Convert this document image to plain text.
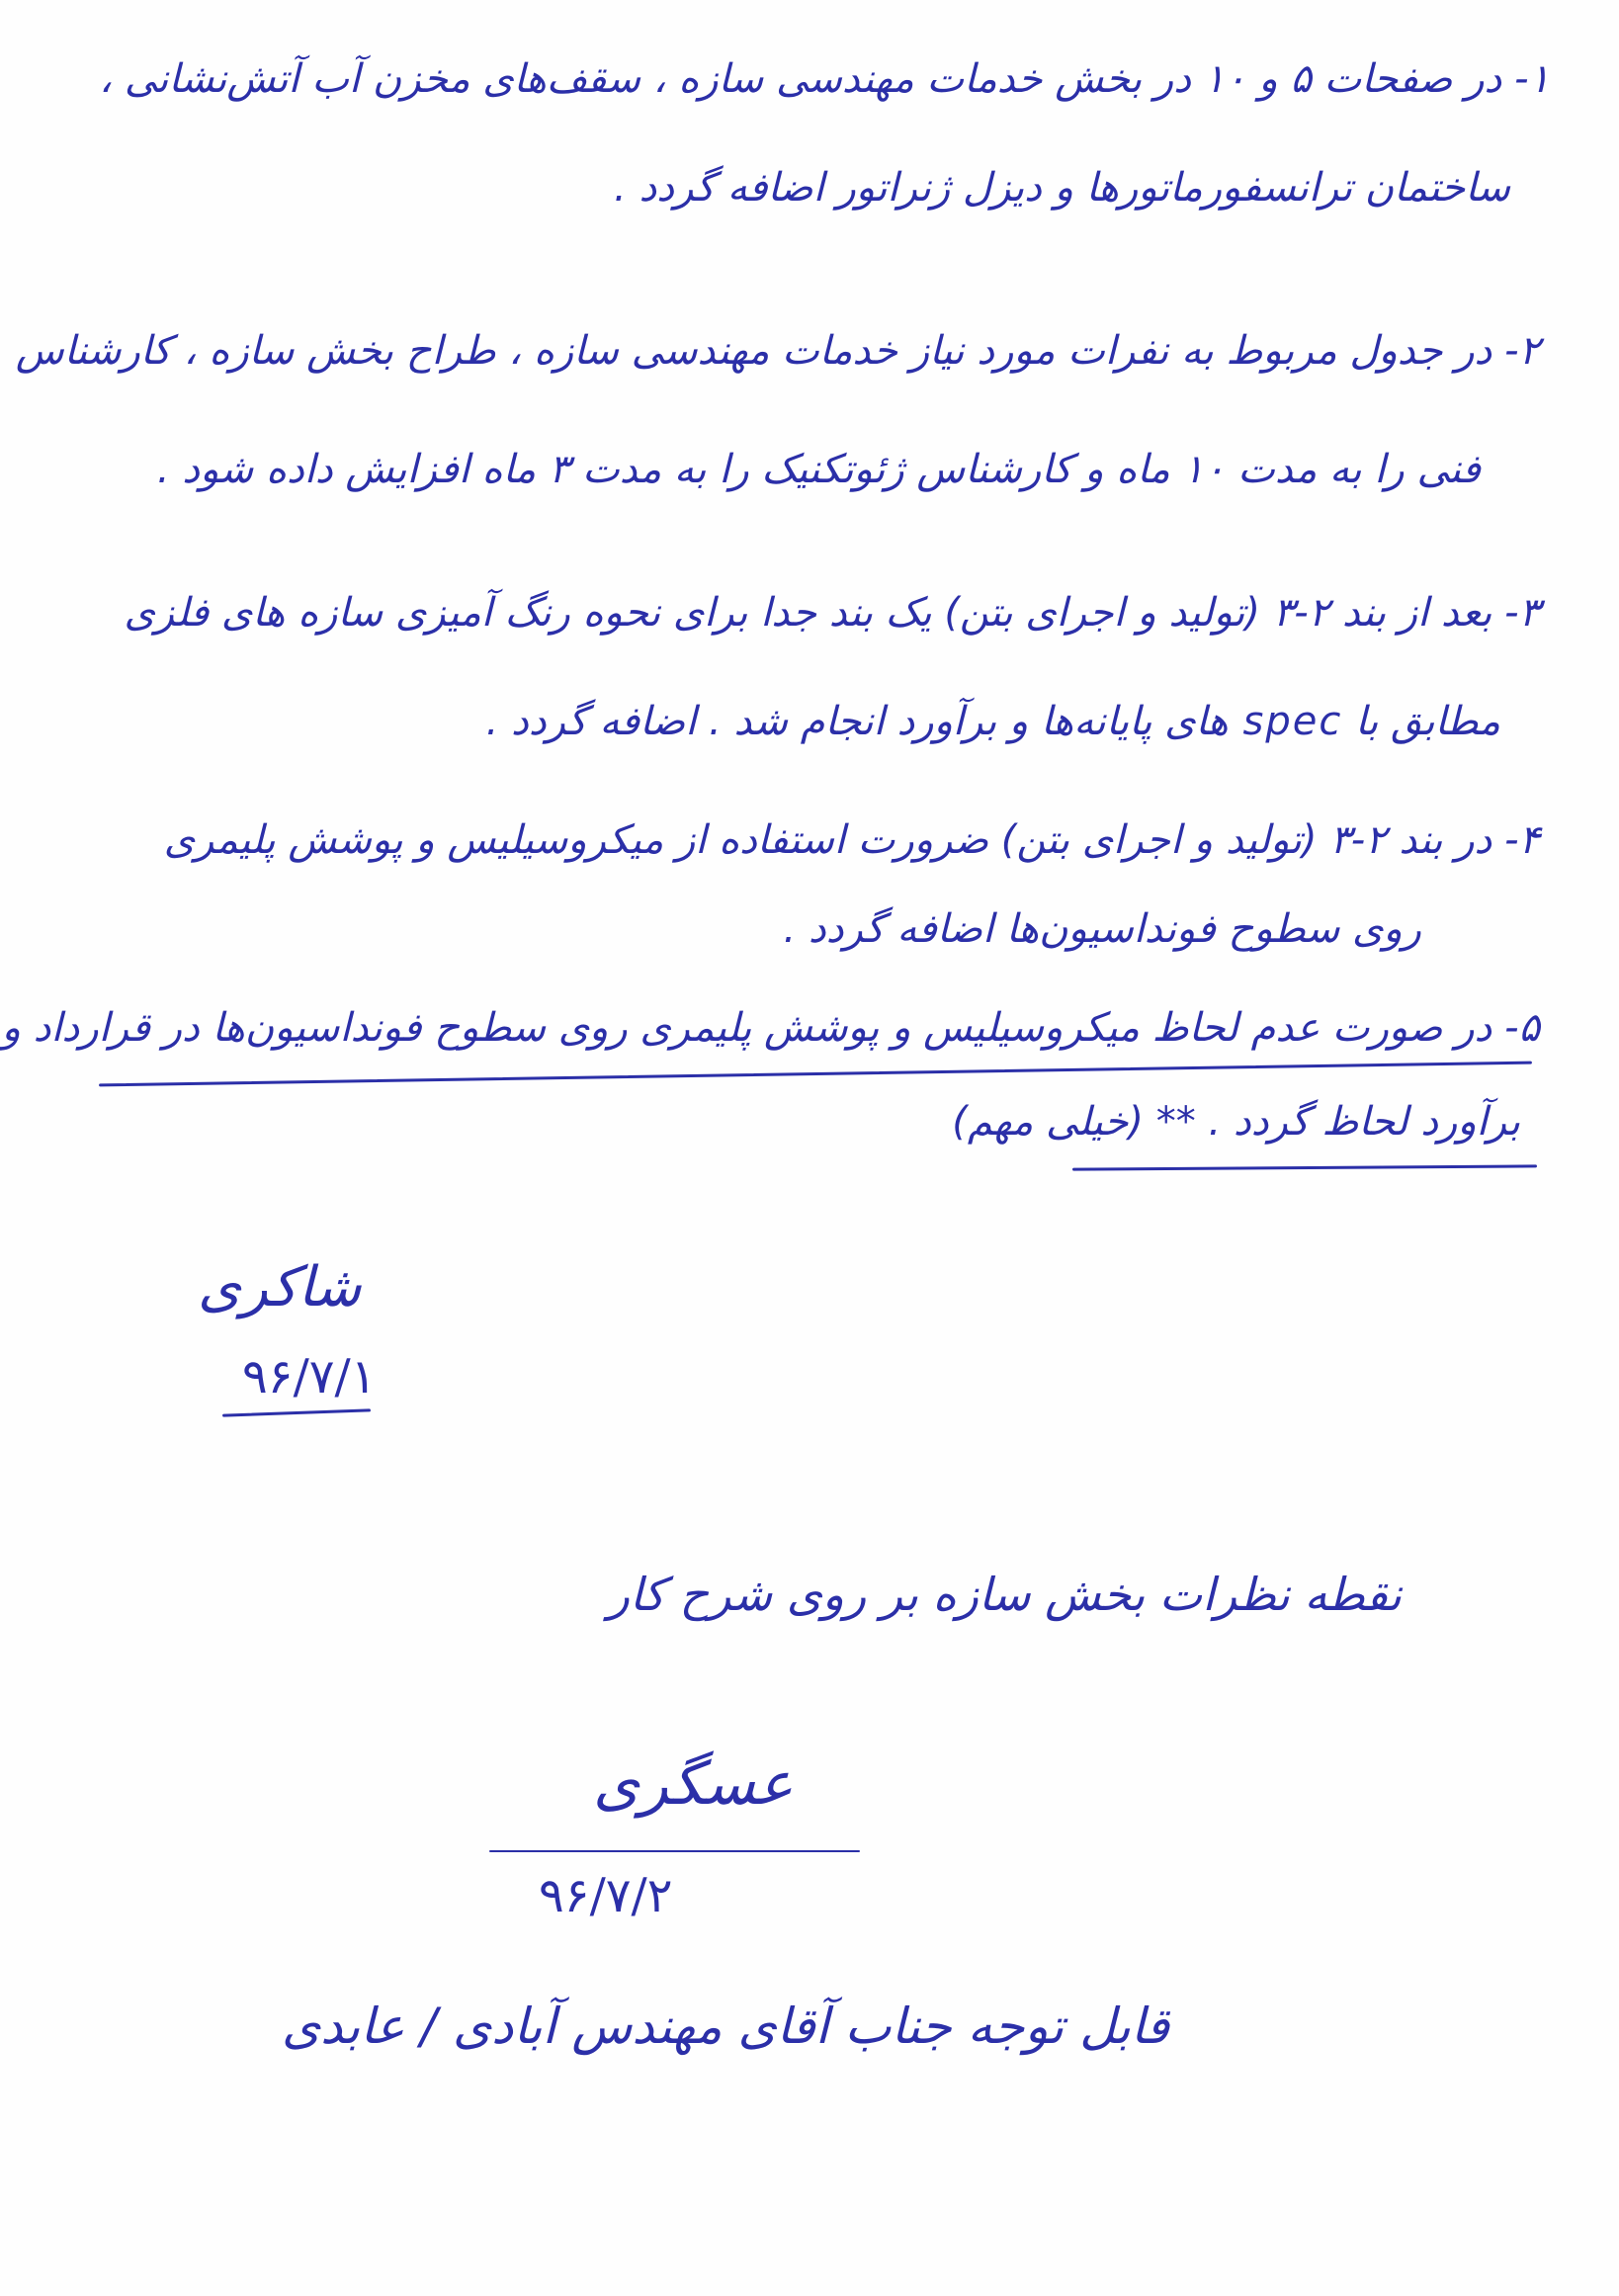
۱- در صفحات ۵ و ۱۰ در بخش خدمات مهندسی سازه ، سقف‌های مخزن آب آتش‌نشانی ،
ساختمان ترانسفورماتور‌ها و دیزل ژنراتور اضافه گردد .
۲- در جدول مربوط به نفرات مورد نیاز خدمات مهندسی سازه ، طراح بخش سازه ، کارشناس
فنی را به مدت ۱۰ ماه و کارشناس ژئوتکنیک را به مدت ۳ ماه افزایش داده شود .
۳- بعد از بند ۲-۳ (تولید و اجرای بتن) یک بند جدا برای نحوه رنگ آمیزی سازه های فلزی
مطابق با spec های پایانه‌ها و برآورد انجام شد . اضافه گردد .
۴- در بند ۲-۳ (تولید و اجرای بتن) ضرورت استفاده از میکروسیلیس و پوشش پلیمری
روی سطوح فونداسیون‌ها اضافه گردد .
۵- در صورت عدم لحاظ میکروسیلیس و پوشش پلیمری روی سطوح فونداسیون‌ها در قرارداد و
برآورد لحاظ گردد . ** (خیلی مهم)
شاکری
۹۶/۷/۱
نقطه نظرات بخش سازه بر روی شرح کار
عسگری
۹۶/۷/۲
قابل توجه جناب آقای مهندس آبادی / عابدی
